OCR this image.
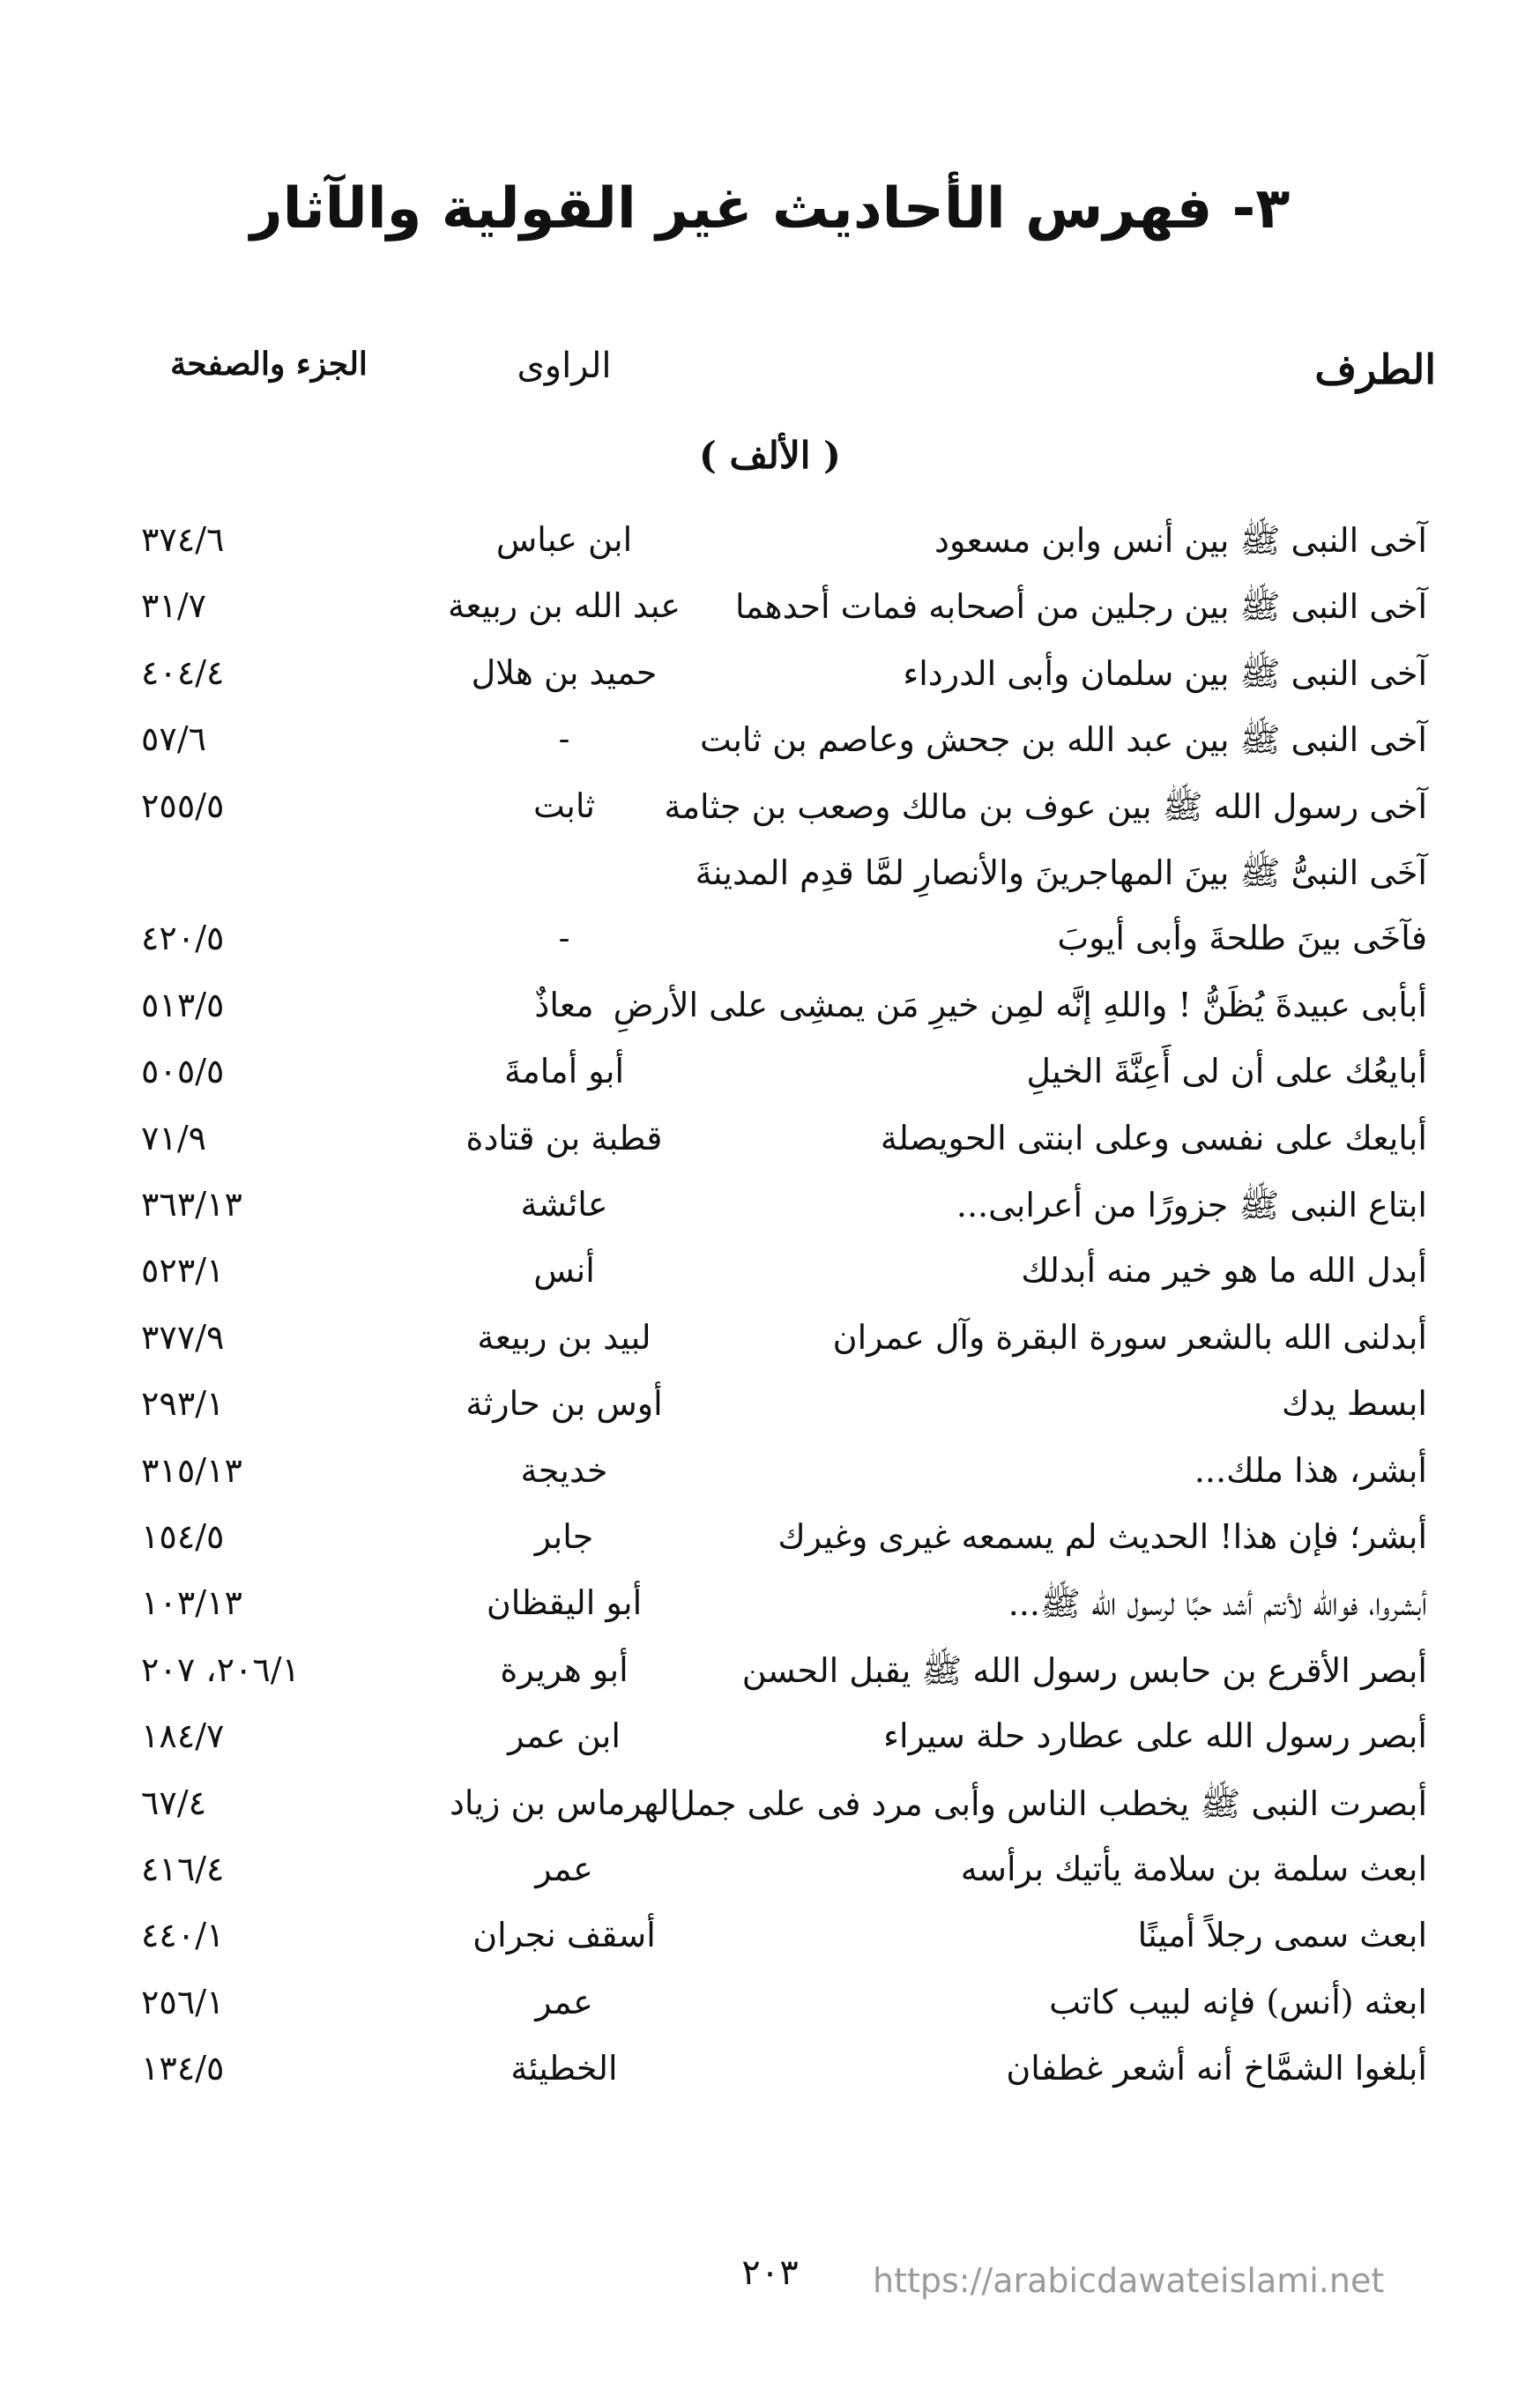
٣- فهرس الأحاديث غير القولية والآثار
الطرف
الراوى
الجزء والصفحة
( الألف )
آخى النبى ﷺ بين أنس وابن مسعود
ابن عباس
٣٧٤/٦
آخى النبى ﷺ بين رجلين من أصحابه فمات أحدهما
عبد الله بن ربيعة
٣١/٧
آخى النبى ﷺ بين سلمان وأبى الدرداء
حميد بن هلال
٤٠٤/٤
آخى النبى ﷺ بين عبد الله بن جحش وعاصم بن ثابت
-
٥٧/٦
آخى رسول الله ﷺ بين عوف بن مالك وصعب بن جثامة
ثابت
٢٥٥/٥
آخَى النبىُّ ﷺ بينَ المهاجرينَ والأنصارِ لمَّا قدِم المدينةَ
فآخَى بينَ طلحةَ وأبى أيوبَ
-
٤٢٠/٥
أبأبى عبيدةَ يُظَنُّ ! واللهِ إنَّه لمِن خيرِ مَن يمشِى على الأرضِ
معاذٌ
٥١٣/٥
أبايعُك على أن لى أَعِنَّةَ الخيلِ
أبو أمامةَ
٥٠٥/٥
أبايعك على نفسى وعلى ابنتى الحويصلة
قطبة بن قتادة
٧١/٩
ابتاع النبى ﷺ جزورًا من أعرابى...
عائشة
٣٦٣/١٣
أبدل الله ما هو خير منه أبدلك
أنس
٥٢٣/١
أبدلنى الله بالشعر سورة البقرة وآل عمران
لبيد بن ربيعة
٣٧٧/٩
ابسط يدك
أوس بن حارثة
٢٩٣/١
أبشر، هذا ملك...
خديجة
٣١٥/١٣
أبشر؛ فإن هذا! الحديث لم يسمعه غيرى وغيرك
جابر
١٥٤/٥
أبشروا، فوالله لأنتم أشد حبًا لرسول الله ﷺ...
أبو اليقظان
١٠٣/١٣
أبصر الأقرع بن حابس رسول الله ﷺ يقبل الحسن
أبو هريرة
٢٠٦/١، ٢٠٧
أبصر رسول الله على عطارد حلة سيراء
ابن عمر
١٨٤/٧
أبصرت النبى ﷺ يخطب الناس وأبى مرد فى على جمل
الهرماس بن زياد
٦٧/٤
ابعث سلمة بن سلامة يأتيك برأسه
عمر
٤١٦/٤
ابعث سمى رجلاً أمينًا
أسقف نجران
٤٤٠/١
ابعثه (أنس) فإنه لبيب كاتب
عمر
٢٥٦/١
أبلغوا الشمَّاخ أنه أشعر غطفان
الخطيئة
١٣٤/٥
٢٠٣	https://arabicdawateislami.net
